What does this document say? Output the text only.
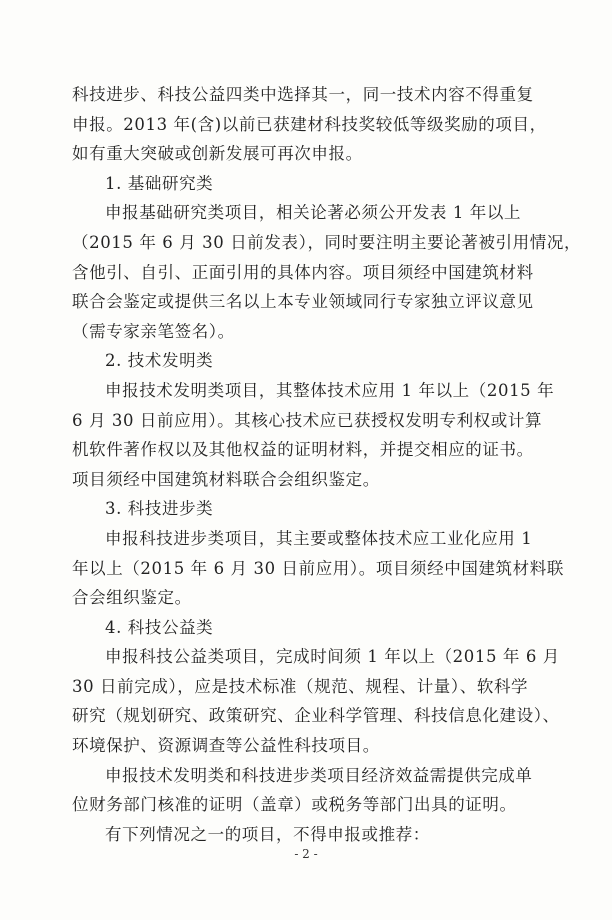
科技进步、科技公益四类中选择其一，同一技术内容不得重复
申报。2013 年(含)以前已获建材科技奖较低等级奖励的项目，
如有重大突破或创新发展可再次申报。
1. 基础研究类
申报基础研究类项目，相关论著必须公开发表 1 年以上
（2015 年 6 月 30 日前发表），同时要注明主要论著被引用情况，
含他引、自引、正面引用的具体内容。项目须经中国建筑材料
联合会鉴定或提供三名以上本专业领域同行专家独立评议意见
（需专家亲笔签名）。
2. 技术发明类
申报技术发明类项目，其整体技术应用 1 年以上（2015 年
6 月 30 日前应用）。其核心技术应已获授权发明专利权或计算
机软件著作权以及其他权益的证明材料，并提交相应的证书。
项目须经中国建筑材料联合会组织鉴定。
3. 科技进步类
申报科技进步类项目，其主要或整体技术应工业化应用 1
年以上（2015 年 6 月 30 日前应用）。项目须经中国建筑材料联
合会组织鉴定。
4. 科技公益类
申报科技公益类项目，完成时间须 1 年以上（2015 年 6 月
30 日前完成），应是技术标准（规范、规程、计量）、软科学
研究（规划研究、政策研究、企业科学管理、科技信息化建设）、
环境保护、资源调查等公益性科技项目。
申报技术发明类和科技进步类项目经济效益需提供完成单
位财务部门核准的证明（盖章）或税务等部门出具的证明。
有下列情况之一的项目，不得申报或推荐：
- 2 -
